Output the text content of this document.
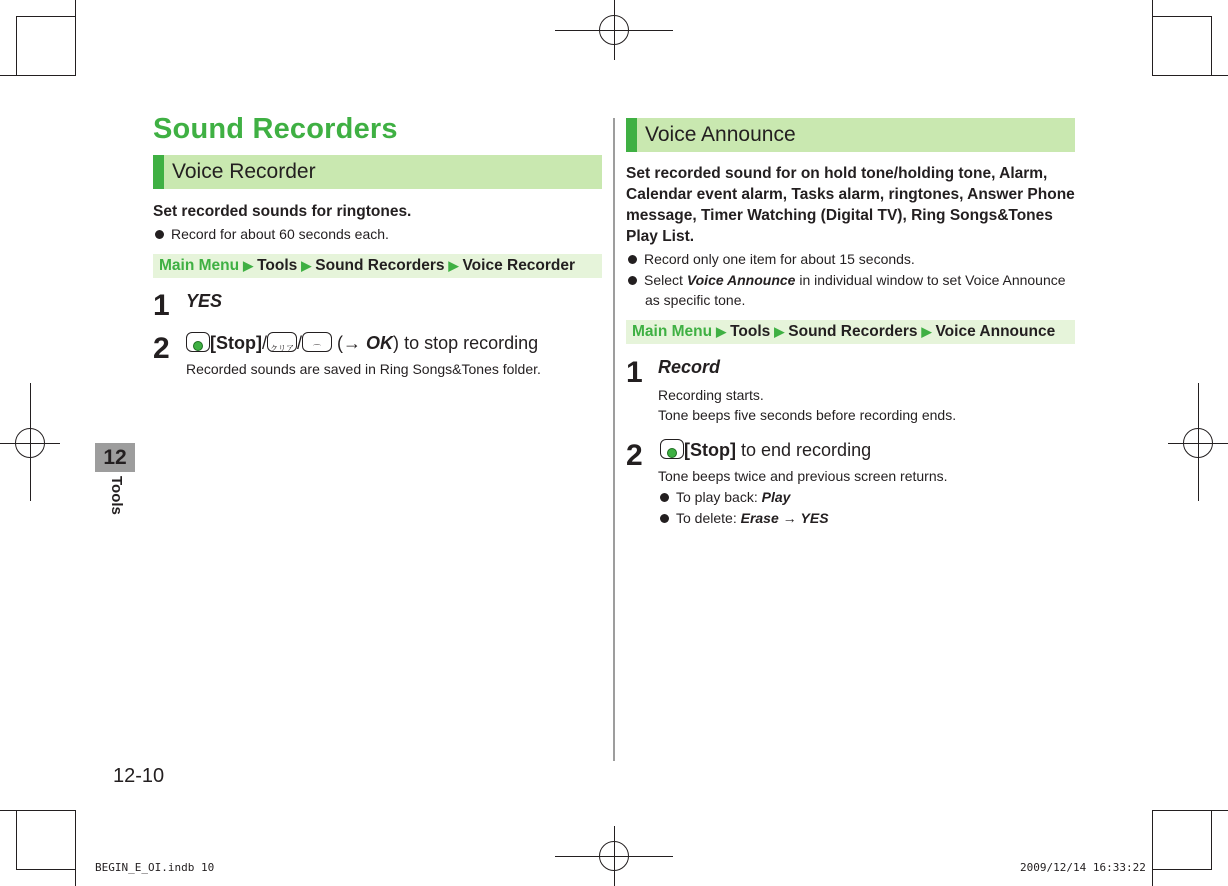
Sound Recorders
12
Tools
Voice Recorder
Set recorded sounds for ringtones.
Record for about 60 seconds each.
Main Menu ▶ Tools ▶ Sound Recorders ▶ Voice Recorder
1 YES
2	[Stop]/ クリア / ⌒ (→ OK) to stop recording
Recorded sounds are saved in Ring Songs&Tones folder.
Voice Announce
Set recorded sound for on hold tone/holding tone, Alarm, Calendar event alarm, Tasks alarm, ringtones, Answer Phone message, Timer Watching (Digital TV), Ring Songs&Tones Play List.
Record only one item for about 15 seconds.
Select Voice Announce in individual window to set Voice Announce as specific tone.
Main Menu ▶ Tools ▶ Sound Recorders ▶ Voice Announce
1 Record
Recording starts.
Tone beeps five seconds before recording ends.
2	[Stop] to end recording
Tone beeps twice and previous screen returns.
To play back: Play
To delete: Erase → YES
12-10
BEGIN_E_OI.indb 10	2009/12/14 16:33:22
